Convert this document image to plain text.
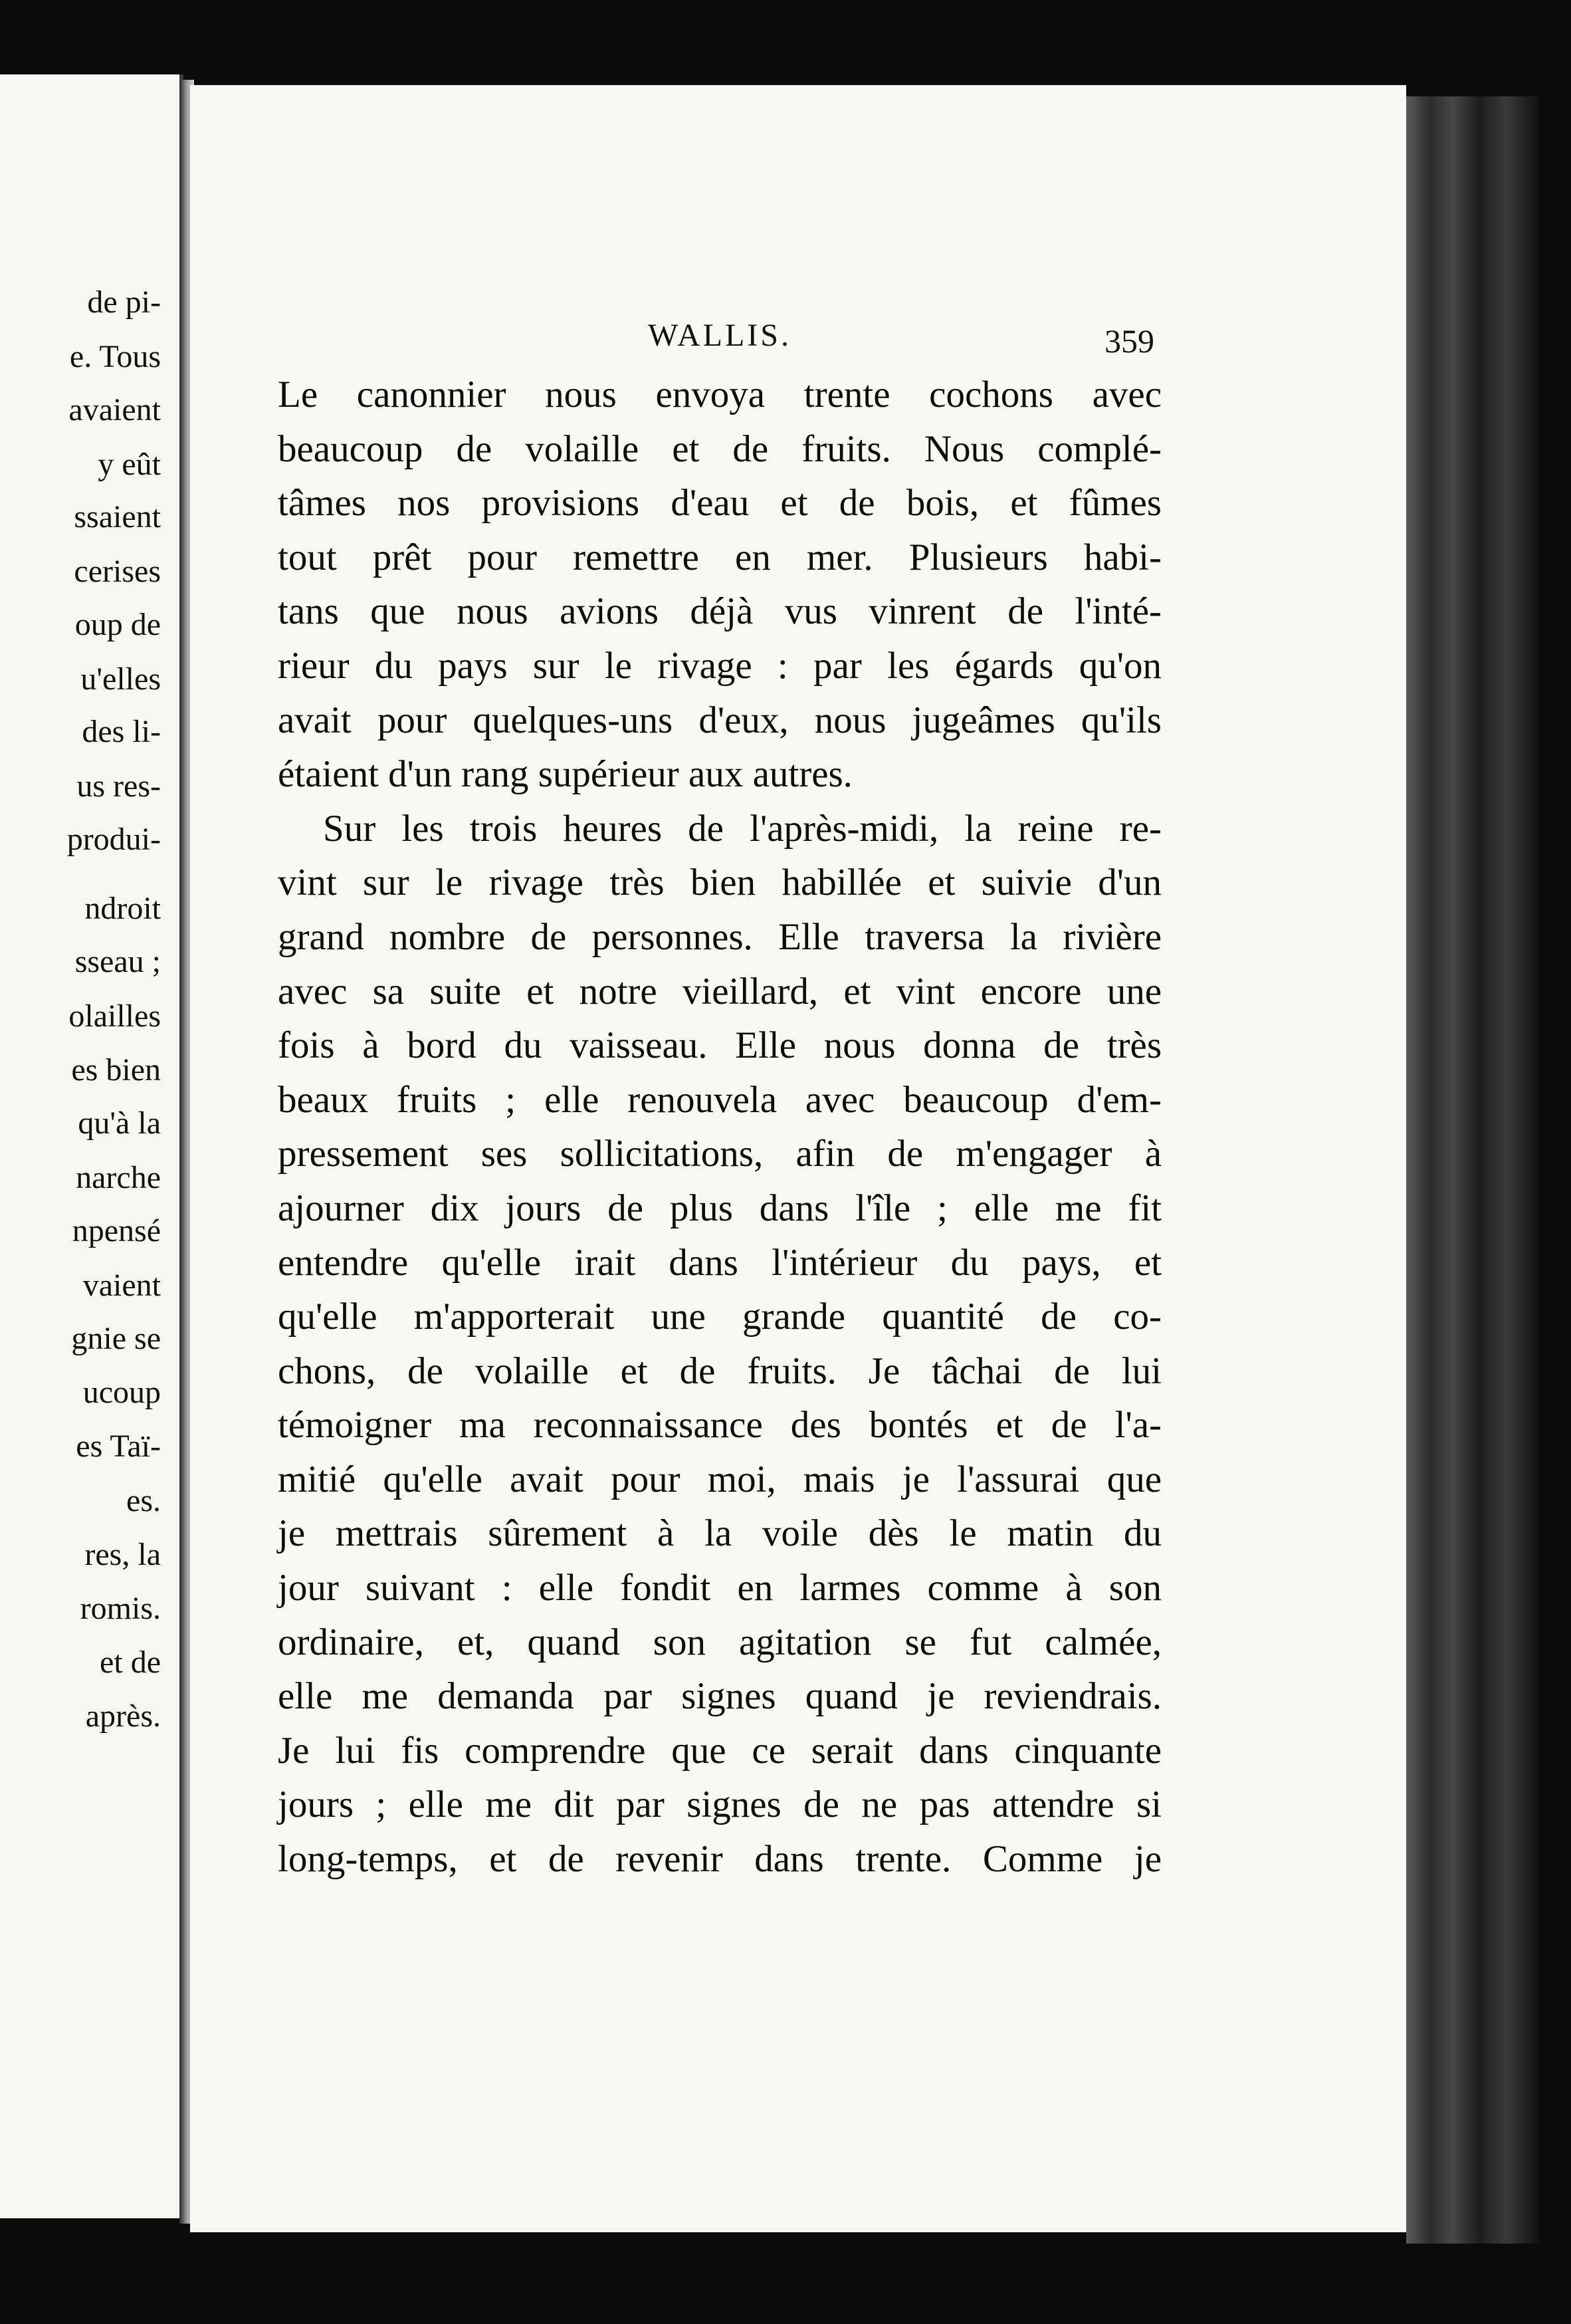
de pi-
e. Tous
avaient
y eût
ssaient
cerises
oup de
u'elles
des li-
us res-
produi-
ndroit
sseau ;
olailles
es bien
qu'à la
narche
npensé
vaient
gnie se
ucoup
es Taï-
es.
res, la
romis.
et de
après.
WALLIS.	359

Le canonnier nous envoya trente cochons avec

beaucoup de volaille et de fruits. Nous complé-

tâmes nos provisions d'eau et de bois, et fûmes

tout prêt pour remettre en mer. Plusieurs habi-

tans que nous avions déjà vus vinrent de l'inté-

rieur du pays sur le rivage : par les égards qu'on

avait pour quelques-uns d'eux, nous jugeâmes qu'ils

étaient d'un rang supérieur aux autres.

Sur les trois heures de l'après-midi, la reine re-

vint sur le rivage très bien habillée et suivie d'un

grand nombre de personnes. Elle traversa la rivière

avec sa suite et notre vieillard, et vint encore une

fois à bord du vaisseau. Elle nous donna de très

beaux fruits ; elle renouvela avec beaucoup d'em-

pressement ses sollicitations, afin de m'engager à

ajourner dix jours de plus dans l'île ; elle me fit

entendre qu'elle irait dans l'intérieur du pays, et

qu'elle m'apporterait une grande quantité de co-

chons, de volaille et de fruits. Je tâchai de lui

témoigner ma reconnaissance des bontés et de l'a-

mitié qu'elle avait pour moi, mais je l'assurai que

je mettrais sûrement à la voile dès le matin du

jour suivant : elle fondit en larmes comme à son

ordinaire, et, quand son agitation se fut calmée,

elle me demanda par signes quand je reviendrais.

Je lui fis comprendre que ce serait dans cinquante

jours ; elle me dit par signes de ne pas attendre si

long-temps, et de revenir dans trente. Comme je
